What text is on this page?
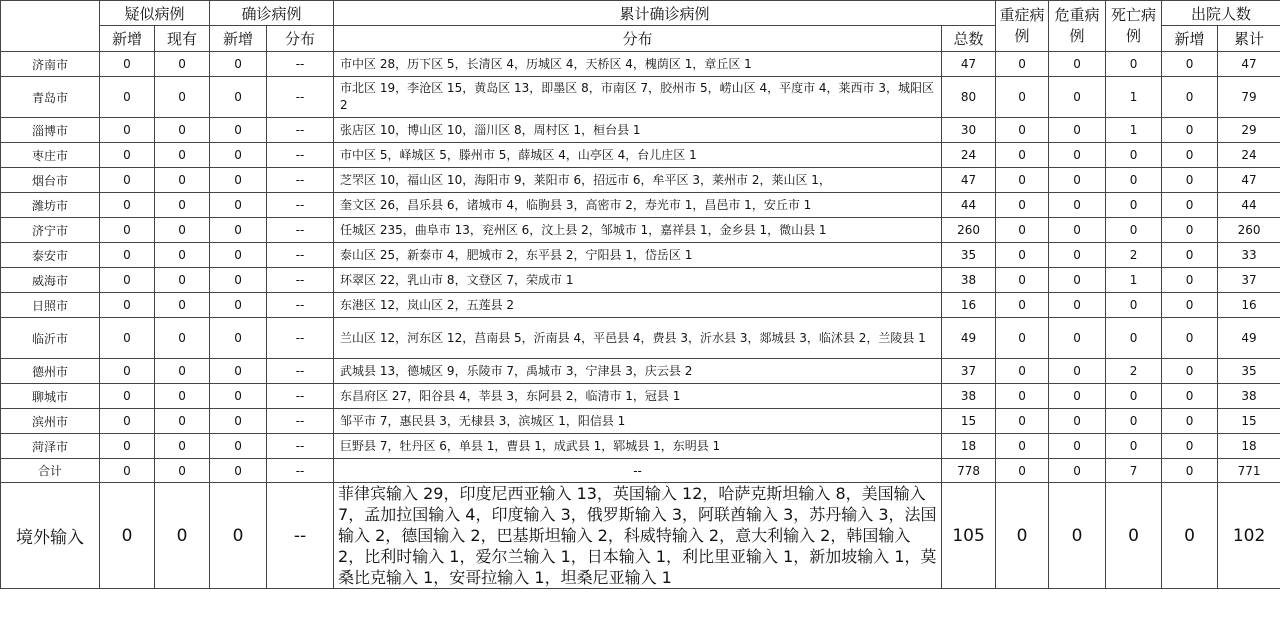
	疑似病例		确诊病例		累计确诊病例		重症病例	危重病例	死亡病例	出院人数	
	新增	现有	新增	分布	分布	总数				新增	累计
济南市	0	0	0	--	市中区 28，历下区 5，长清区 4，历城区 4，天桥区 4，槐荫区 1，章丘区 1	47	0	0	0	0	47
青岛市	0	0	0	--	市北区 19，李沧区 15，黄岛区 13，即墨区 8，市南区 7，胶州市 5，崂山区 4，平度市 4，莱西市 3，城阳区 2	80	0	0	1	0	79
淄博市	0	0	0	--	张店区 10，博山区 10，淄川区 8，周村区 1，桓台县 1	30	0	0	1	0	29
枣庄市	0	0	0	--	市中区 5，峄城区 5，滕州市 5，薛城区 4，山亭区 4，台儿庄区 1	24	0	0	0	0	24
烟台市	0	0	0	--	芝罘区 10，福山区 10，海阳市 9，莱阳市 6，招远市 6，牟平区 3，莱州市 2，莱山区 1，	47	0	0	0	0	47
潍坊市	0	0	0	--	奎文区 26，昌乐县 6，诸城市 4，临朐县 3，高密市 2，寿光市 1，昌邑市 1，安丘市 1	44	0	0	0	0	44
济宁市	0	0	0	--	任城区 235，曲阜市 13，兖州区 6，汶上县 2，邹城市 1，嘉祥县 1，金乡县 1，微山县 1	260	0	0	0	0	260
泰安市	0	0	0	--	泰山区 25，新泰市 4，肥城市 2，东平县 2，宁阳县 1，岱岳区 1	35	0	0	2	0	33
威海市	0	0	0	--	环翠区 22，乳山市 8，文登区 7，荣成市 1	38	0	0	1	0	37
日照市	0	0	0	--	东港区 12，岚山区 2，五莲县 2	16	0	0	0	0	16
临沂市	0	0	0	--	兰山区 12，河东区 12，莒南县 5，沂南县 4，平邑县 4，费县 3，沂水县 3，郯城县 3，临沭县 2，兰陵县 1	49	0	0	0	0	49
德州市	0	0	0	--	武城县 13，德城区 9，乐陵市 7，禹城市 3，宁津县 3，庆云县 2	37	0	0	2	0	35
聊城市	0	0	0	--	东昌府区 27，阳谷县 4，莘县 3，东阿县 2，临清市 1，冠县 1	38	0	0	0	0	38
滨州市	0	0	0	--	邹平市 7，惠民县 3，无棣县 3，滨城区 1，阳信县 1	15	0	0	0	0	15
菏泽市	0	0	0	--	巨野县 7，牡丹区 6，单县 1，曹县 1，成武县 1，郓城县 1，东明县 1	18	0	0	0	0	18
合计	0	0	0	--	--	778	0	0	7	0	771
境外输入	0	0	0	--	菲律宾输入 29，印度尼西亚输入 13，英国输入 12，哈萨克斯坦输入 8，美国输入 7，孟加拉国输入 4，印度输入 3，俄罗斯输入 3，阿联酋输入 3，苏丹输入 3，法国输入 2，德国输入 2，巴基斯坦输入 2，科威特输入 2，意大利输入 2，韩国输入 2，比利时输入 1，爱尔兰输入 1，日本输入 1，利比里亚输入 1，新加坡输入 1，莫桑比克输入 1，安哥拉输入 1，坦桑尼亚输入 1	105	0	0	0	0	102
